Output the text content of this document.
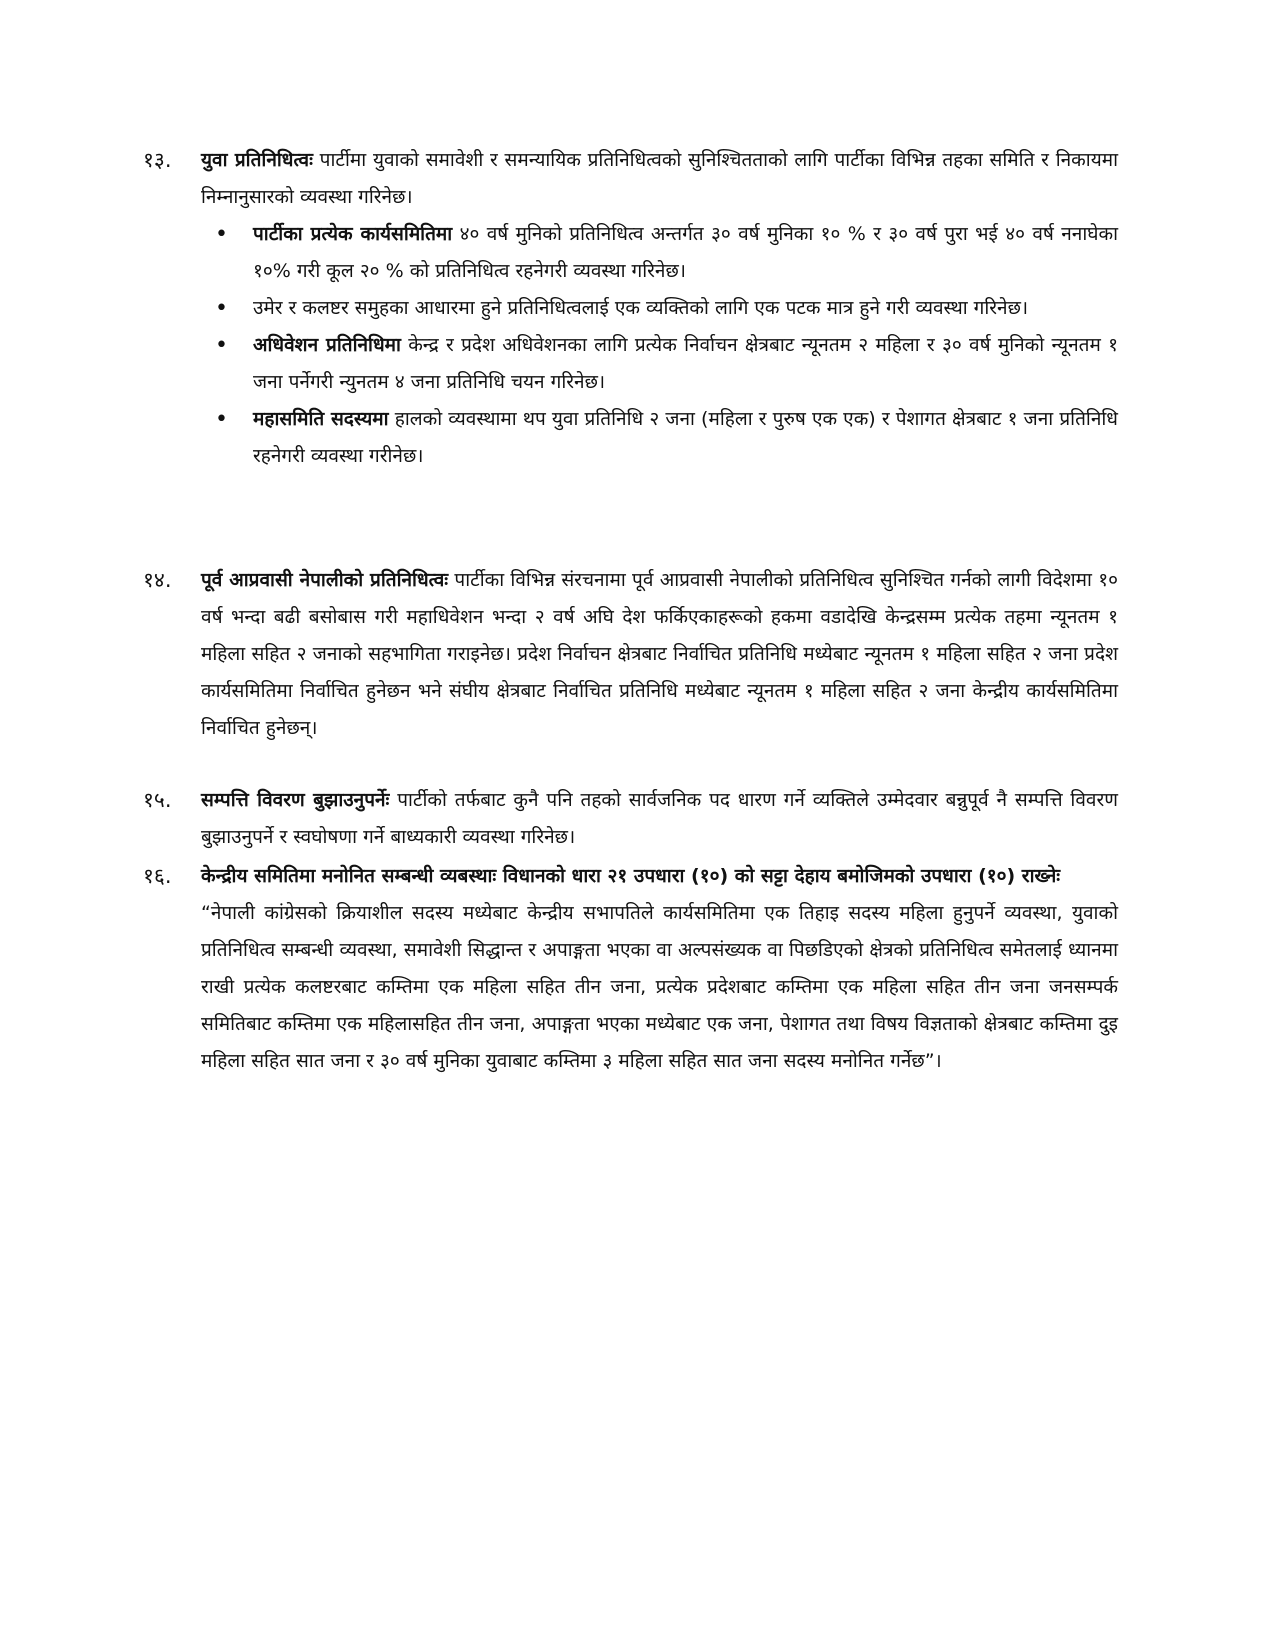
१३.	युवा प्रतिनिधित्वः पार्टीमा युवाको समावेशी र समन्यायिक प्रतिनिधित्वको सुनिश्चितताको लागि पार्टीका विभिन्न तहका समिति र निकायमा निम्नानुसारको व्यवस्था गरिनेछ।
•	पार्टीका प्रत्येक कार्यसमितिमा ४० वर्ष मुनिको प्रतिनिधित्व अन्तर्गत ३० वर्ष मुनिका १० % र ३० वर्ष पुरा भई ४० वर्ष ननाघेका १०% गरी कूल २० % को प्रतिनिधित्व रहनेगरी व्यवस्था गरिनेछ।
•	उमेर र कलष्टर समुहका आधारमा हुने प्रतिनिधित्वलाई एक व्यक्तिको लागि एक पटक मात्र हुने गरी व्यवस्था गरिनेछ।
•	अधिवेशन प्रतिनिधिमा केन्द्र र प्रदेश अधिवेशनका लागि प्रत्येक निर्वाचन क्षेत्रबाट न्यूनतम २ महिला र ३० वर्ष मुनिको न्यूनतम १ जना पर्नेगरी न्युनतम ४ जना प्रतिनिधि चयन गरिनेछ।
•	महासमिति सदस्यमा हालको व्यवस्थामा थप युवा प्रतिनिधि २ जना (महिला र पुरुष एक एक) र पेशागत क्षेत्रबाट १ जना प्रतिनिधि रहनेगरी व्यवस्था गरीनेछ।
१४.	पूर्व आप्रवासी नेपालीको प्रतिनिधित्वः पार्टीका विभिन्न संरचनामा पूर्व आप्रवासी नेपालीको प्रतिनिधित्व सुनिश्चित गर्नको लागी विदेशमा १० वर्ष भन्दा बढी बसोबास गरी महाधिवेशन भन्दा २ वर्ष अघि देश फर्किएकाहरूको हकमा वडादेखि केन्द्रसम्म प्रत्येक तहमा न्यूनतम १ महिला सहित २ जनाको सहभागिता गराइनेछ। प्रदेश निर्वाचन क्षेत्रबाट निर्वाचित प्रतिनिधि मध्येबाट न्यूनतम १ महिला सहित २ जना प्रदेश कार्यसमितिमा निर्वाचित हुनेछन भने संघीय क्षेत्रबाट निर्वाचित प्रतिनिधि मध्येबाट न्यूनतम १ महिला सहित २ जना केन्द्रीय कार्यसमितिमा निर्वाचित हुनेछन्।
१५.	सम्पत्ति विवरण बुझाउनुपर्नेः पार्टीको तर्फबाट कुनै पनि तहको सार्वजनिक पद धारण गर्ने व्यक्तिले उम्मेदवार बन्नुपूर्व नै सम्पत्ति विवरण बुझाउनुपर्ने र स्वघोषणा गर्ने बाध्यकारी व्यवस्था गरिनेछ।
१६.	केन्द्रीय समितिमा मनोनित सम्बन्धी व्यबस्थाः विधानको धारा २१ उपधारा (१०) को सट्टा देहाय बमोजिमको उपधारा (१०) राख्नेः
“नेपाली कांग्रेसको क्रियाशील सदस्य मध्येबाट केन्द्रीय सभापतिले कार्यसमितिमा एक तिहाइ सदस्य महिला हुनुपर्ने व्यवस्था, युवाको प्रतिनिधित्व सम्बन्धी व्यवस्था, समावेशी सिद्धान्त र अपाङ्गता भएका वा अल्पसंख्यक वा पिछडिएको क्षेत्रको प्रतिनिधित्व समेतलाई ध्यानमा राखी प्रत्येक कलष्टरबाट कम्तिमा एक महिला सहित तीन जना, प्रत्येक प्रदेशबाट कम्तिमा एक महिला सहित तीन जना जनसम्पर्क समितिबाट कम्तिमा एक महिलासहित तीन जना, अपाङ्गता भएका मध्येबाट एक जना, पेशागत तथा विषय विज्ञताको क्षेत्रबाट कम्तिमा दुइ महिला सहित सात जना र ३० वर्ष मुनिका युवाबाट कम्तिमा ३ महिला सहित सात जना सदस्य मनोनित गर्नेछ”।
